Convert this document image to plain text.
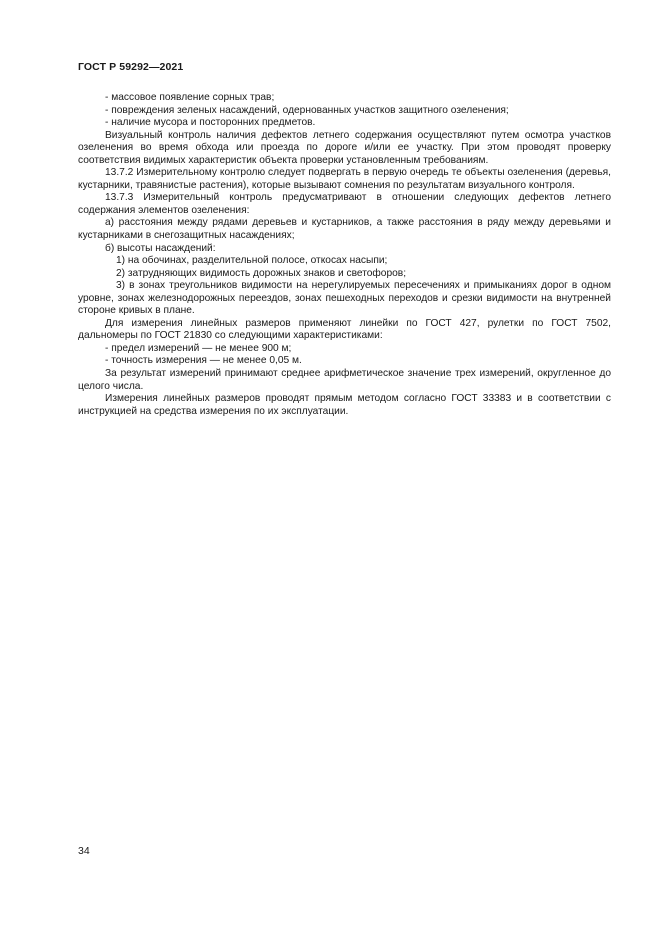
ГОСТ Р 59292—2021

- массовое появление сорных трав;

- повреждения зеленых насаждений, одернованных участков защитного озеленения;

- наличие мусора и посторонних предметов.

Визуальный контроль наличия дефектов летнего содержания осуществляют путем осмотра участков озеленения во время обхода или проезда по дороге и/или ее участку. При этом проводят проверку соответствия видимых характеристик объекта проверки установленным требованиям.

13.7.2 Измерительному контролю следует подвергать в первую очередь те объекты озеленения (деревья, кустарники, травянистые растения), которые вызывают сомнения по результатам визуального контроля.

13.7.3 Измерительный контроль предусматривают в отношении следующих дефектов летнего содержания элементов озеленения:

а) расстояния между рядами деревьев и кустарников, а также расстояния в ряду между деревьями и кустарниками в снегозащитных насаждениях;

б) высоты насаждений:

1) на обочинах, разделительной полосе, откосах насыпи;

2) затрудняющих видимость дорожных знаков и светофоров;

3) в зонах треугольников видимости на нерегулируемых пересечениях и примыканиях дорог в одном уровне, зонах железнодорожных переездов, зонах пешеходных переходов и срезки видимости на внутренней стороне кривых в плане.

Для измерения линейных размеров применяют линейки по ГОСТ 427, рулетки по ГОСТ 7502, дальномеры по ГОСТ 21830 со следующими характеристиками:

- предел измерений — не менее 900 м;

- точность измерения — не менее 0,05 м.

За результат измерений принимают среднее арифметическое значение трех измерений, округленное до целого числа.

Измерения линейных размеров проводят прямым методом согласно ГОСТ 33383 и в соответствии с инструкцией на средства измерения по их эксплуатации.

34
